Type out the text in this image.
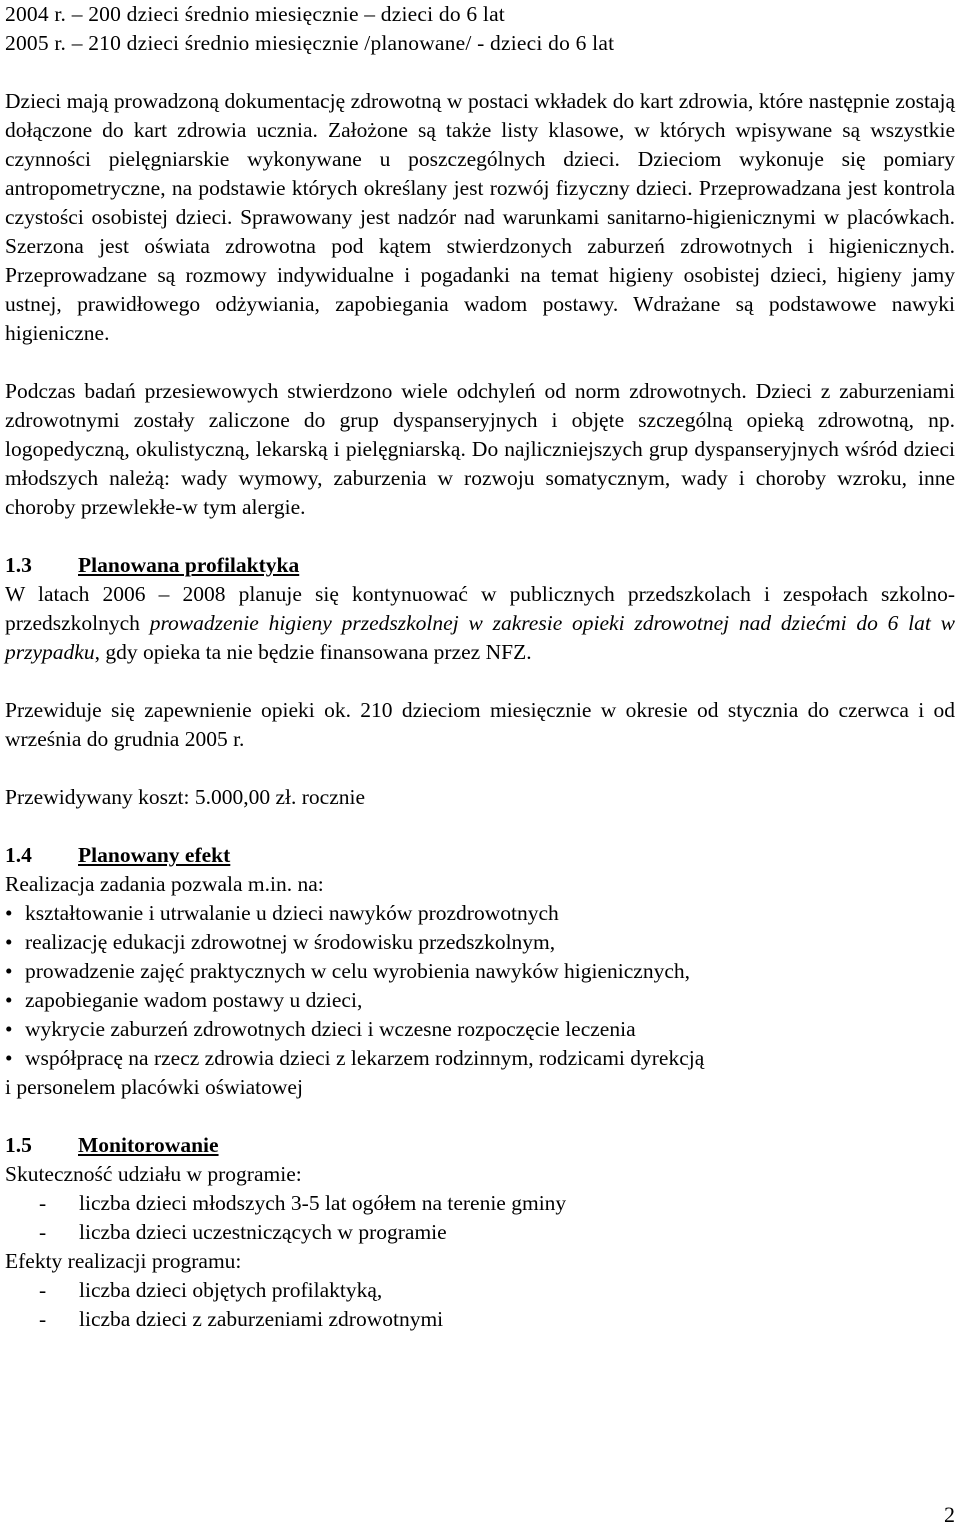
2004 r. – 200 dzieci średnio miesięcznie – dzieci do 6 lat

2005 r. – 210 dzieci średnio miesięcznie /planowane/ - dzieci do 6 lat

Dzieci mają prowadzoną dokumentację zdrowotną w postaci wkładek do kart zdrowia, które następnie zostają dołączone do kart zdrowia ucznia. Założone są także listy klasowe, w których wpisywane są wszystkie czynności pielęgniarskie wykonywane u poszczególnych dzieci. Dzieciom wykonuje się pomiary antropometryczne, na podstawie których określany jest rozwój fizyczny dzieci. Przeprowadzana jest kontrola czystości osobistej dzieci. Sprawowany jest nadzór nad warunkami sanitarno-higienicznymi w placówkach. Szerzona jest oświata zdrowotna pod kątem stwierdzonych zaburzeń zdrowotnych i higienicznych. Przeprowadzane są rozmowy indywidualne i pogadanki na temat higieny osobistej dzieci, higieny jamy ustnej, prawidłowego odżywiania, zapobiegania wadom postawy. Wdrażane są podstawowe nawyki higieniczne.

Podczas badań przesiewowych stwierdzono wiele odchyleń od norm zdrowotnych. Dzieci z zaburzeniami zdrowotnymi zostały zaliczone do grup dyspanseryjnych i objęte szczególną opieką zdrowotną, np. logopedyczną, okulistyczną, lekarską i pielęgniarską. Do najliczniejszych grup dyspanseryjnych wśród dzieci młodszych należą: wady wymowy, zaburzenia w rozwoju somatycznym, wady i choroby wzroku, inne choroby przewlekłe-w tym alergie.

1.3 Planowana profilaktyka

W latach 2006 – 2008 planuje się kontynuować w publicznych przedszkolach i zespołach szkolno-przedszkolnych prowadzenie higieny przedszkolnej w zakresie opieki zdrowotnej nad dziećmi do 6 lat w przypadku, gdy opieka ta nie będzie finansowana przez NFZ.

Przewiduje się zapewnienie opieki ok. 210 dzieciom miesięcznie w okresie od stycznia do czerwca i od września do grudnia 2005 r.

Przewidywany koszt: 5.000,00 zł. rocznie

1.4 Planowany efekt

Realizacja zadania pozwala m.in. na:

• kształtowanie i utrwalanie u dzieci nawyków prozdrowotnych
• realizację edukacji zdrowotnej w środowisku przedszkolnym,
• prowadzenie zajęć praktycznych w celu wyrobienia nawyków higienicznych,
• zapobieganie wadom postawy u dzieci,
• wykrycie zaburzeń zdrowotnych dzieci i wczesne rozpoczęcie leczenia
• współpracę na rzecz zdrowia dzieci z lekarzem rodzinnym, rodzicami dyrekcją

i personelem placówki oświatowej

1.5 Monitorowanie

Skuteczność udziału w programie:

- liczba dzieci młodszych 3-5 lat ogółem na terenie gminy
- liczba dzieci uczestniczących w programie

Efekty realizacji programu:

- liczba dzieci objętych profilaktyką,
- liczba dzieci z zaburzeniami zdrowotnymi
2
